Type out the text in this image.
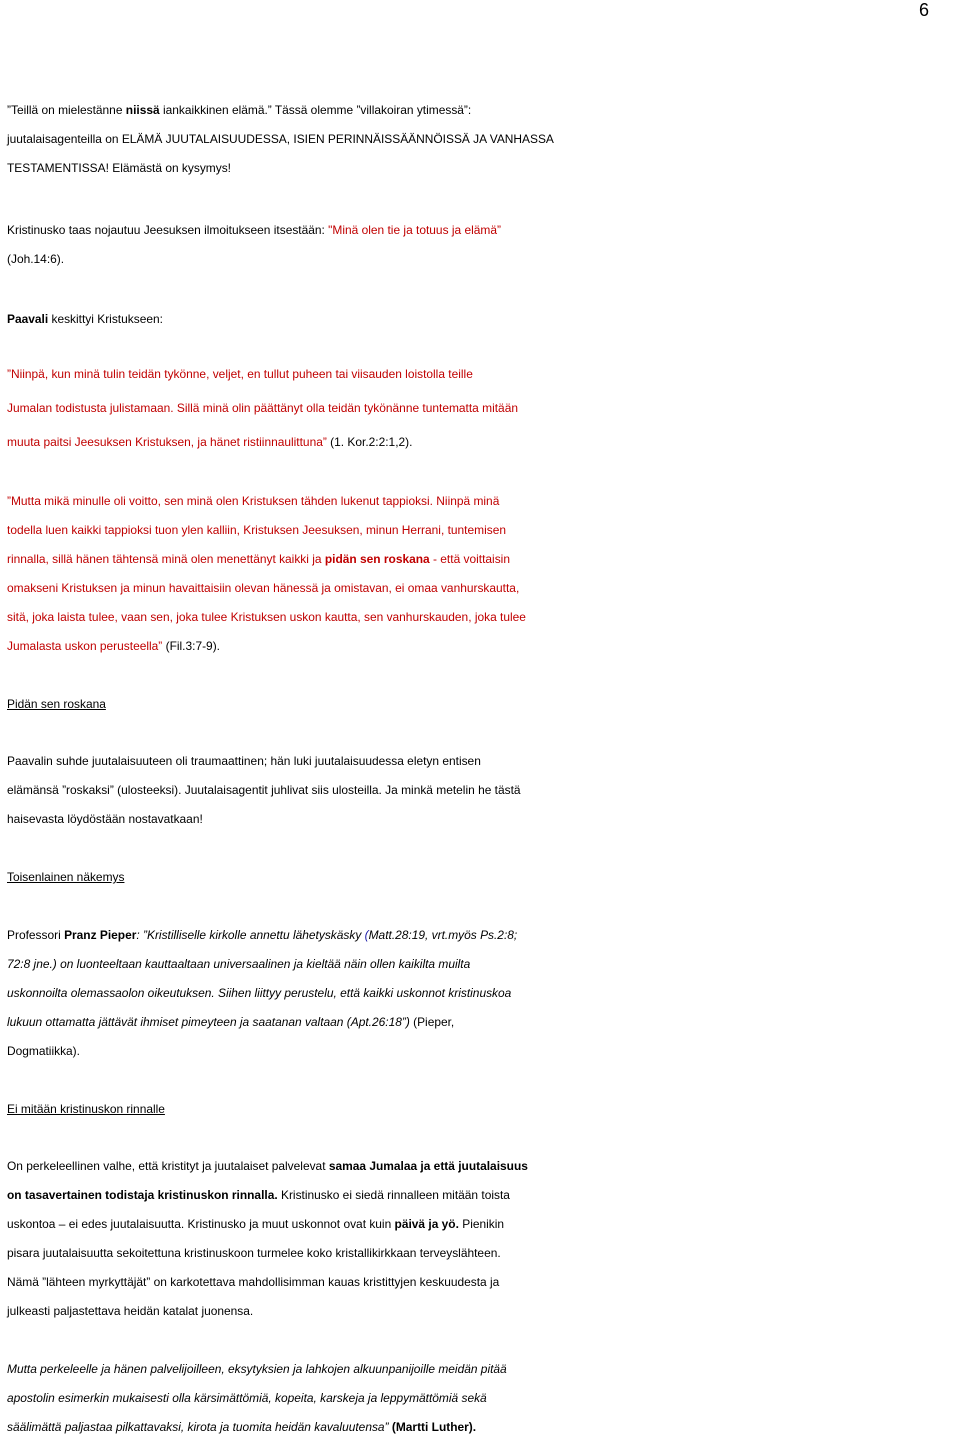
6
”Teillä on mielestänne niissä iankaikkinen elämä.” Tässä olemme ”villakoiran ytimessä”:
juutalaisagenteilla on ELÄMÄ JUUTALAISUUDESSA, ISIEN PERINNÄISSÄÄNNÖISSÄ JA VANHASSA
TESTAMENTISSA! Elämästä on kysymys!
Kristinusko taas nojautuu Jeesuksen ilmoitukseen itsestään: "Minä olen tie ja totuus ja elämä”
(Joh.14:6).
Paavali keskittyi Kristukseen:
”Niinpä, kun minä tulin teidän tykönne, veljet, en tullut puheen tai viisauden loistolla teille
Jumalan todistusta julistamaan. Sillä minä olin päättänyt olla teidän tykönänne tuntematta mitään
muuta paitsi Jeesuksen Kristuksen, ja hänet ristiinnaulittuna” (1. Kor.2:2:1,2).
”Mutta mikä minulle oli voitto, sen minä olen Kristuksen tähden lukenut tappioksi. Niinpä minä
todella luen kaikki tappioksi tuon ylen kalliin, Kristuksen Jeesuksen, minun Herrani, tuntemisen
rinnalla, sillä hänen tähtensä minä olen menettänyt kaikki ja pidän sen roskana - että voittaisin
omakseni Kristuksen ja minun havaittaisiin olevan hänessä ja omistavan, ei omaa vanhurskautta,
sitä, joka laista tulee, vaan sen, joka tulee Kristuksen uskon kautta, sen vanhurskauden, joka tulee
Jumalasta uskon perusteella” (Fil.3:7-9).
Pidän sen roskana
Paavalin suhde juutalaisuuteen oli traumaattinen; hän luki juutalaisuudessa eletyn entisen
elämänsä ”roskaksi” (ulosteeksi). Juutalaisagentit juhlivat siis ulosteilla. Ja minkä metelin he tästä
haisevasta löydöstään nostavatkaan!
Toisenlainen näkemys
Professori Pranz Pieper: ”Kristilliselle kirkolle annettu lähetyskäsky (Matt.28:19, vrt.myös Ps.2:8;
72:8 jne.) on luonteeltaan kauttaaltaan universaalinen ja kieltää näin ollen kaikilta muilta
uskonnoilta olemassaolon oikeutuksen. Siihen liittyy perustelu, että kaikki uskonnot kristinuskoa
lukuun ottamatta jättävät ihmiset pimeyteen ja saatanan valtaan (Apt.26:18”) (Pieper,
Dogmatiikka).
Ei mitään kristinuskon rinnalle
On perkeleellinen valhe, että kristityt ja juutalaiset palvelevat samaa Jumalaa ja että juutalaisuus
on tasavertainen todistaja kristinuskon rinnalla. Kristinusko ei siedä rinnalleen mitään toista
uskontoa – ei edes juutalaisuutta. Kristinusko ja muut uskonnot ovat kuin päivä ja yö. Pienikin
pisara juutalaisuutta sekoitettuna kristinuskoon turmelee koko kristallikirkkaan terveyslähteen.
Nämä ”lähteen myrkyttäjät” on karkotettava mahdollisimman kauas kristittyjen keskuudesta ja
julkeasti paljastettava heidän katalat juonensa.
Mutta perkeleelle ja hänen palvelijoilleen, eksytyksien ja lahkojen alkuunpanijoille meidän pitää
apostolin esimerkin mukaisesti olla kärsimättömiä, kopeita, karskeja ja leppymättömiä sekä
säälimättä paljastaa pilkattavaksi, kirota ja tuomita heidän kavaluutensa” (Martti Luther).
